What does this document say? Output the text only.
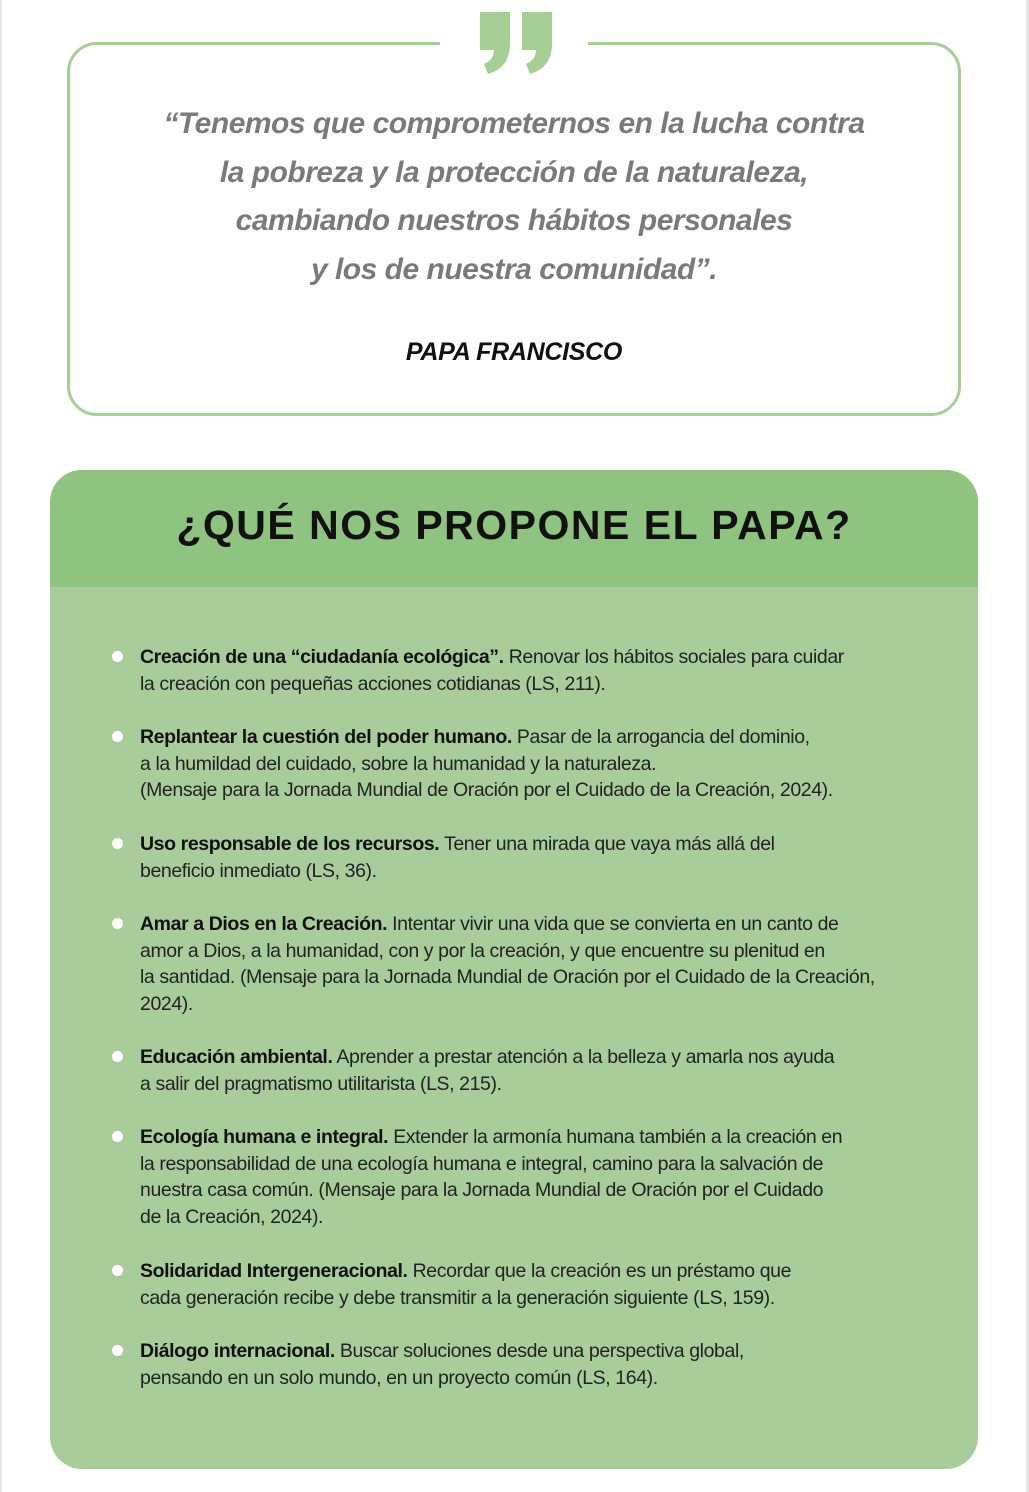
“Tenemos que comprometernos en la lucha contra
la pobreza y la protección de la naturaleza,
cambiando nuestros hábitos personales
y los de nuestra comunidad”.
PAPA FRANCISCO
¿QUÉ NOS PROPONE EL PAPA?
Creación de una “ciudadanía ecológica”. Renovar los hábitos sociales para cuidar
la creación con pequeñas acciones cotidianas (LS, 211).
Replantear la cuestión del poder humano. Pasar de la arrogancia del dominio,
a la humildad del cuidado, sobre la humanidad y la naturaleza.
(Mensaje para la Jornada Mundial de Oración por el Cuidado de la Creación, 2024).
Uso responsable de los recursos. Tener una mirada que vaya más allá del
beneficio inmediato (LS, 36).
Amar a Dios en la Creación. Intentar vivir una vida que se convierta en un canto de
amor a Dios, a la humanidad, con y por la creación, y que encuentre su plenitud en
la santidad. (Mensaje para la Jornada Mundial de Oración por el Cuidado de la Creación,
2024).
Educación ambiental. Aprender a prestar atención a la belleza y amarla nos ayuda
a salir del pragmatismo utilitarista (LS, 215).
Ecología humana e integral. Extender la armonía humana también a la creación en
la responsabilidad de una ecología humana e integral, camino para la salvación de
nuestra casa común. (Mensaje para la Jornada Mundial de Oración por el Cuidado
de la Creación, 2024).
Solidaridad Intergeneracional. Recordar que la creación es un préstamo que
cada generación recibe y debe transmitir a la generación siguiente (LS, 159).
Diálogo internacional. Buscar soluciones desde una perspectiva global,
pensando en un solo mundo, en un proyecto común (LS, 164).
